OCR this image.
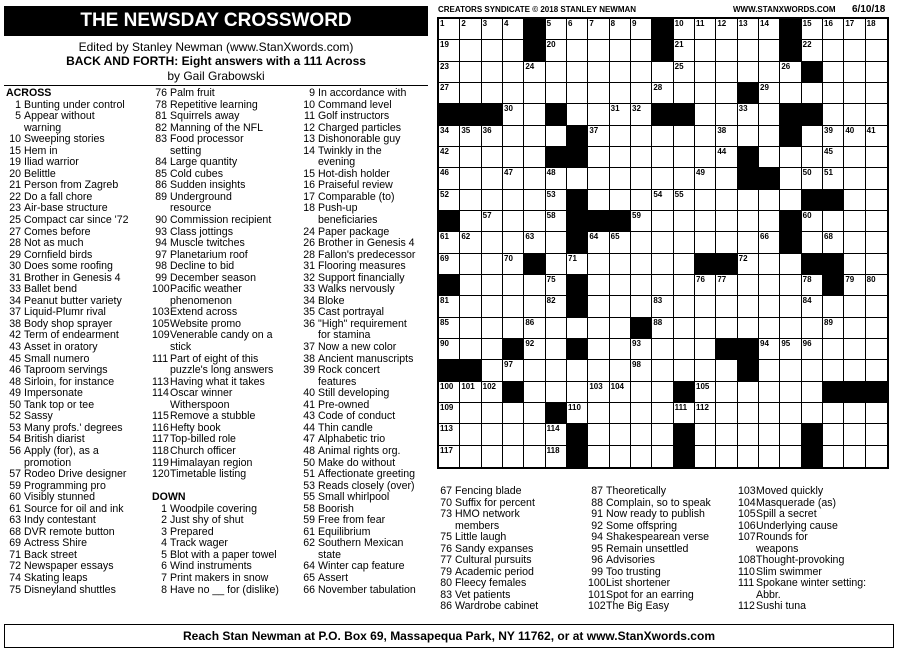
THE NEWSDAY CROSSWORD
Edited by Stanley Newman (www.StanXwords.com)
BACK AND FORTH: Eight answers with a 111 Across
by Gail Grabowski
CREATORS SYNDICATE © 2018 STANLEY NEWMAN	WWW.STANXWORDS.COM 6/10/18
1 2 3 4	5 6 7 8 9	10 11 12 13 14	15 16 17 18
19	20	21	22
23	24	25	26
27	28	29
30	31 32	33
34 35 36	37	38	39 40 41
42	43	44	45
46	47	48	49	50 51
52	53	54 55	56
57	58	59	60
61 62	63	64 65	66 67	68
69	70	71	72	73
74	75	76 77	78	79 80
81	82	83	84
85	86	87 88	89
90	91 92	93	94 95 96
97	98	99
100 101 102	103 104	105	106 107 108
109	110	111 112
113	114	115	116
117	118	119	120
ACROSS
1 Bunting under control
5 Appear without
warning
10 Sweeping stories
15 Hem in
19 Iliad warrior
20 Belittle
21 Person from Zagreb
22 Do a fall chore
23 Air-base structure
25 Compact car since '72
27 Comes before
28 Not as much
29 Cornfield birds
30 Does some roofing
31 Brother in Genesis 4
33 Ballet bend
34 Peanut butter variety
37 Liquid-Plumr rival
38 Body shop sprayer
42 Term of endearment
43 Asset in oratory
45 Small numero
46 Taproom servings
48 Sirloin, for instance
49 Impersonate
50 Tank top or tee
52 Sassy
53 Many profs.' degrees
54 British diarist
56 Apply (for), as a
promotion
57 Rodeo Drive designer
59 Programming pro
60 Visibly stunned
61 Source for oil and ink
63 Indy contestant
68 DVR remote button
69 Actress Shire
71 Back street
72 Newspaper essays
74 Skating leaps
75 Disneyland shuttles
76 Palm fruit
78 Repetitive learning
81 Squirrels away
82 Manning of the NFL
83 Food processor
setting
84 Large quantity
85 Cold cubes
86 Sudden insights
89 Underground
resource
90 Commission recipient
93 Class jottings
94 Muscle twitches
97 Planetarium roof
98 Decline to bid
99 December season
100 Pacific weather
phenomenon
103 Extend across
105 Website promo
109 Venerable candy on a
stick
111 Part of eight of this
puzzle's long answers
113 Having what it takes
114 Oscar winner
Witherspoon
115 Remove a stubble
116 Hefty book
117 Top-billed role
118 Church officer
119 Himalayan region
120 Timetable listing

DOWN
1 Woodpile covering
2 Just shy of shut
3 Prepared
4 Track wager
5 Blot with a paper towel
6 Wind instruments
7 Print makers in snow
8 Have no __ for (dislike)
9 In accordance with
10 Command level
11 Golf instructors
12 Charged particles
13 Dishonorable guy
14 Twinkly in the
evening
15 Hot-dish holder
16 Praiseful review
17 Comparable (to)
18 Push-up
beneficiaries
24 Paper package
26 Brother in Genesis 4
28 Fallon's predecessor
31 Flooring measures
32 Support financially
33 Walks nervously
34 Bloke
35 Cast portrayal
36 "High" requirement
for stamina
37 Now a new color
38 Ancient manuscripts
39 Rock concert
features
40 Still developing
41 Pre-owned
43 Code of conduct
44 Thin candle
47 Alphabetic trio
48 Animal rights org.
50 Make do without
51 Affectionate greeting
53 Reads closely (over)
55 Small whirlpool
58 Boorish
59 Free from fear
61 Equilibrium
62 Southern Mexican
state
64 Winter cap feature
65 Assert
66 November tabulation
67 Fencing blade
70 Suffix for percent
73 HMO network
members
75 Little laugh
76 Sandy expanses
77 Cultural pursuits
79 Academic period
80 Fleecy females
83 Vet patients
86 Wardrobe cabinet
87 Theoretically
88 Complain, so to speak
91 Now ready to publish
92 Some offspring
94 Shakespearean verse
95 Remain unsettled
96 Advisories
99 Too trusting
100 List shortener
101 Spot for an earring
102 The Big Easy
103 Moved quickly
104 Masquerade (as)
105 Spill a secret
106 Underlying cause
107 Rounds for
weapons
108 Thought-provoking
110 Slim swimmer
111 Spokane winter setting:
Abbr.
112 Sushi tuna
Reach Stan Newman at P.O. Box 69, Massapequa Park, NY 11762, or at www.StanXwords.com
